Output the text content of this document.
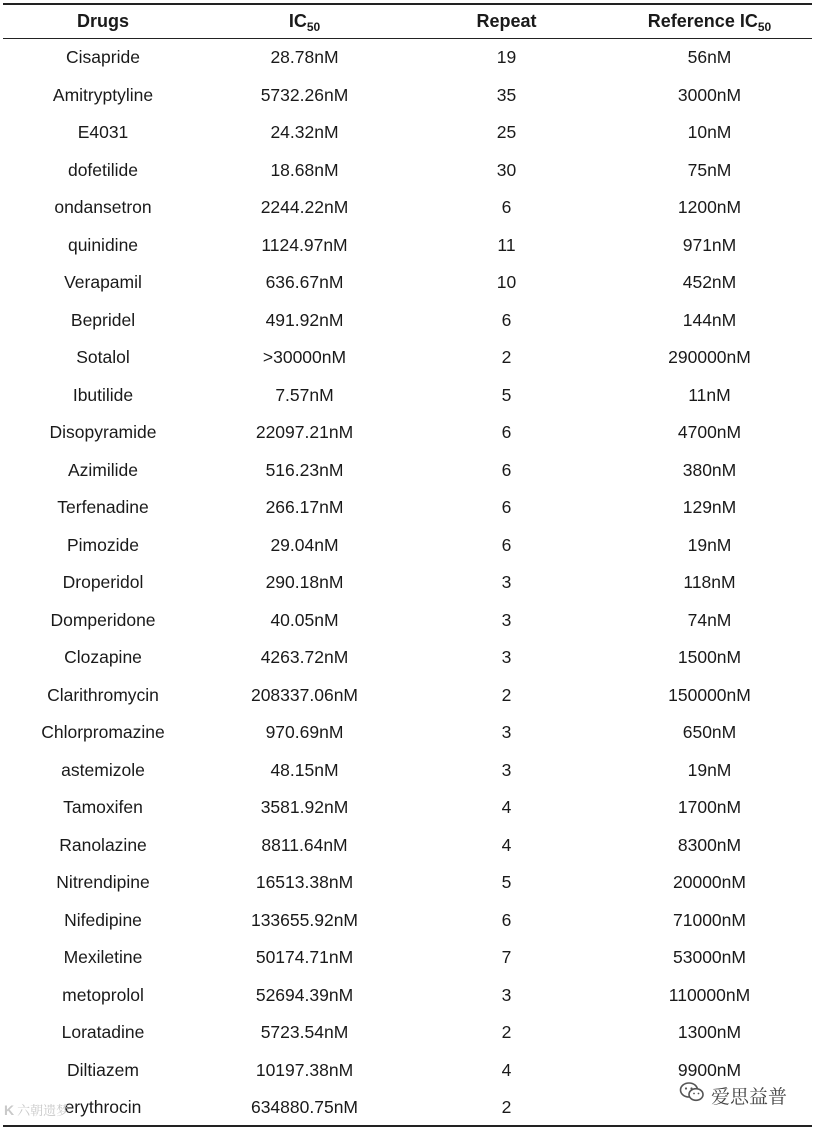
Drugs	$IC_{50}$	Repeat	Reference $IC_{50}$
Cisapride	28.78nM	19	56nM
Amitryptyline	5732.26nM	35	3000nM
E4031	24.32nM	25	10nM
dofetilide	18.68nM	30	75nM
ondansetron	2244.22nM	6	1200nM
quinidine	1124.97nM	11	971nM
Verapamil	636.67nM	10	452nM
Bepridel	491.92nM	6	144nM
Sotalol	>30000nM	2	290000nM
Ibutilide	7.57nM	5	11nM
Disopyramide	22097.21nM	6	4700nM
Azimilide	516.23nM	6	380nM
Terfenadine	266.17nM	6	129nM
Pimozide	29.04nM	6	19nM
Droperidol	290.18nM	3	118nM
Domperidone	40.05nM	3	74nM
Clozapine	4263.72nM	3	1500nM
Clarithromycin	208337.06nM	2	150000nM
Chlorpromazine	970.69nM	3	650nM
astemizole	48.15nM	3	19nM
Tamoxifen	3581.92nM	4	1700nM
Ranolazine	8811.64nM	4	8300nM
Nitrendipine	16513.38nM	5	20000nM
Nifedipine	133655.92nM	6	71000nM
Mexiletine	50174.71nM	7	53000nM
metoprolol	52694.39nM	3	110000nM
Loratadine	5723.54nM	2	1300nM
Diltiazem	10197.38nM	4	9900nM
erythrocin	634880.75nM	2
K 六朝遗梦
爱思益普
